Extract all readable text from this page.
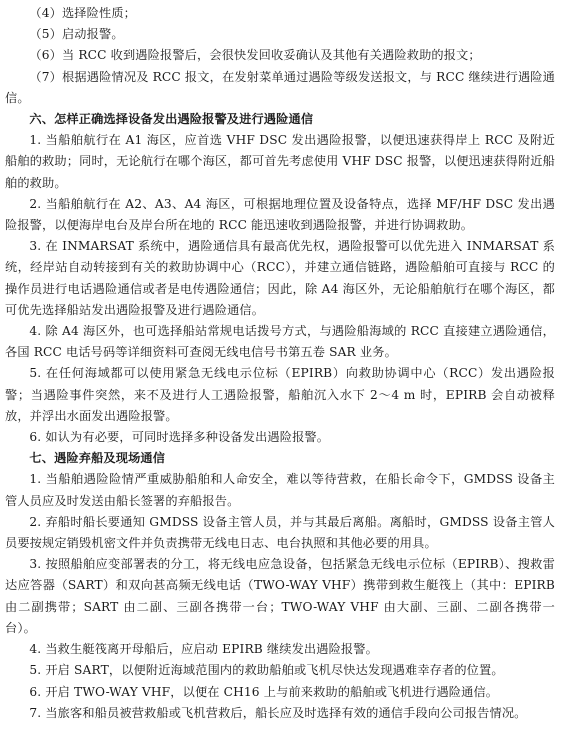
（4）选择险性质；

（5）启动报警。

（6）当 RCC 收到遇险报警后，会很快发回收妥确认及其他有关遇险救助的报文；

（7）根据遇险情况及 RCC 报文，在发射菜单通过遇险等级发送报文，与 RCC 继续进行遇险通信。

六、怎样正确选择设备发出遇险报警及进行遇险通信

1. 当船舶航行在 A1 海区，应首选 VHF DSC 发出遇险报警，以便迅速获得岸上 RCC 及附近船舶的救助；同时，无论航行在哪个海区，都可首先考虑使用 VHF DSC 报警，以便迅速获得附近船舶的救助。

2. 当船舶航行在 A2、A3、A4 海区，可根据地理位置及设备特点，选择 MF/HF DSC 发出遇险报警，以便海岸电台及岸台所在地的 RCC 能迅速收到遇险报警，并进行协调救助。

3. 在 INMARSAT 系统中，遇险通信具有最高优先权，遇险报警可以优先进入 INMARSAT 系统，经岸站自动转接到有关的救助协调中心（RCC），并建立通信链路，遇险船舶可直接与 RCC 的操作员进行电话遇险通信或者是电传遇险通信；因此，除 A4 海区外，无论船舶航行在哪个海区，都可优先选择船站发出遇险报警及进行遇险通信。

4. 除 A4 海区外，也可选择船站常规电话拨号方式，与遇险船海域的 RCC 直接建立遇险通信，各国 RCC 电话号码等详细资料可查阅无线电信号书第五卷 SAR 业务。

5. 在任何海域都可以使用紧急无线电示位标（EPIRB）向救助协调中心（RCC）发出遇险报警；当遇险事件突然，来不及进行人工遇险报警，船舶沉入水下 2～4 m 时，EPIRB 会自动被释放，并浮出水面发出遇险报警。

6. 如认为有必要，可同时选择多种设备发出遇险报警。

七、遇险弃船及现场通信

1. 当船舶遇险险情严重威胁船舶和人命安全，难以等待营救，在船长命令下，GMDSS 设备主管人员应及时发送由船长签署的弃船报告。

2. 弃船时船长要通知 GMDSS 设备主管人员，并与其最后离船。离船时，GMDSS 设备主管人员要按规定销毁机密文件并负责携带无线电日志、电台执照和其他必要的用具。

3. 按照船舶应变部署表的分工，将无线电应急设备，包括紧急无线电示位标（EPIRB）、搜救雷达应答器（SART）和双向甚高频无线电话（TWO-WAY VHF）携带到救生艇筏上（其中：EPIRB 由二副携带；SART 由二副、三副各携带一台；TWO-WAY VHF 由大副、三副、二副各携带一台）。

4. 当救生艇筏离开母船后，应启动 EPIRB 继续发出遇险报警。

5. 开启 SART，以便附近海域范围内的救助船舶或飞机尽快达发现遇难幸存者的位置。

6. 开启 TWO-WAY VHF，以便在 CH16 上与前来救助的船舶或飞机进行遇险通信。

7. 当旅客和船员被营救船或飞机营救后，船长应及时选择有效的通信手段向公司报告情况。
